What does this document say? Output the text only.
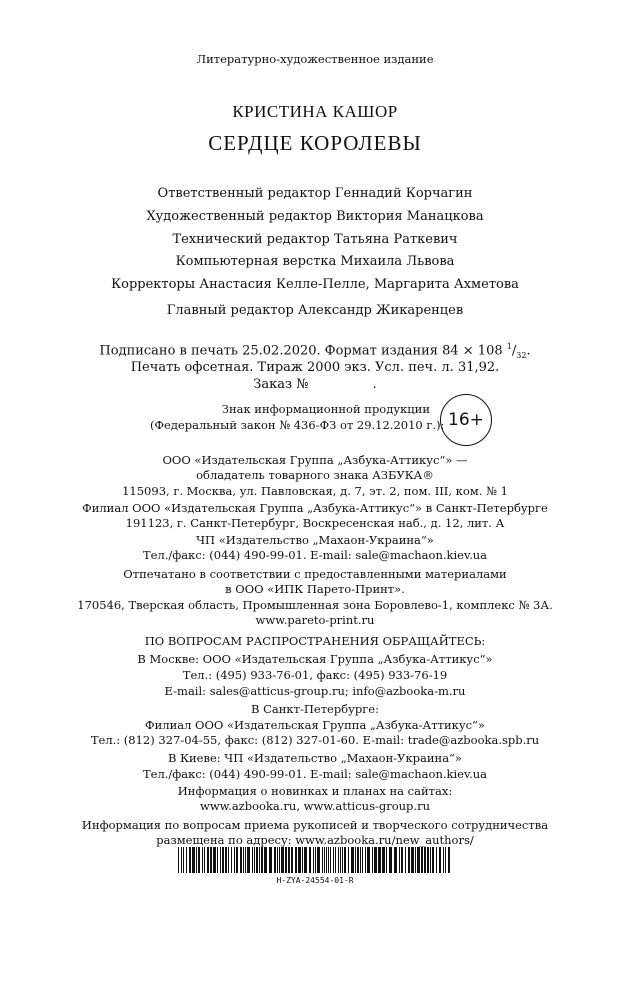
Литературно-художественное издание
КРИСТИНА КАШОР
СЕРДЦЕ КОРОЛЕВЫ
Ответственный редактор Геннадий Корчагин
Художественный редактор Виктория Манацкова
Технический редактор Татьяна Раткевич
Компьютерная верстка Михаила Львова
Корректоры Анастасия Келле-Пелле, Маргарита Ахметова
Главный редактор Александр Жикаренцев
Подписано в печать 25.02.2020. Формат издания 84 × 108 $^1/_{32}$.
Печать офсетная. Тираж 2000 экз. Усл. печ. л. 31,92.
Заказ №	.
Знак информационной продукции
(Федеральный закон № 436-ФЗ от 29.12.2010 г.): 16+
ООО «Издательская Группа „Азбука-Аттикус“» —
обладатель товарного знака АЗБУКА®
115093, г. Москва, ул. Павловская, д. 7, эт. 2, пом. III, ком. № 1
Филиал ООО «Издательская Группа „Азбука-Аттикус“» в Санкт-Петербурге
191123, г. Санкт-Петербург, Воскресенская наб., д. 12, лит. А
ЧП «Издательство „Махаон-Украина“»
Тел./факс: (044) 490-99-01. E-mail: sale@machaon.kiev.ua
Отпечатано в соответствии с предоставленными материалами
в ООО «ИПК Парето-Принт».
170546, Тверская область, Промышленная зона Боровлево-1, комплекс № 3А.
www.pareto-print.ru
ПО ВОПРОСАМ РАСПРОСТРАНЕНИЯ ОБРАЩАЙТЕСЬ:
В Москве: ООО «Издательская Группа „Азбука-Аттикус“»
Тел.: (495) 933-76-01, факс: (495) 933-76-19
E-mail: sales@atticus-group.ru; info@azbooka-m.ru
В Санкт-Петербурге:
Филиал ООО «Издательская Группа „Азбука-Аттикус“»
Тел.: (812) 327-04-55, факс: (812) 327-01-60. E-mail: trade@azbooka.spb.ru
В Киеве: ЧП «Издательство „Махаон-Украина“»
Тел./факс: (044) 490-99-01. E-mail: sale@machaon.kiev.ua
Информация о новинках и планах на сайтах:
www.azbooka.ru, www.atticus-group.ru
Информация по вопросам приема рукописей и творческого сотрудничества
размещена по адресу: www.azbooka.ru/new_authors/
Н-ZYA-24554-01-R
